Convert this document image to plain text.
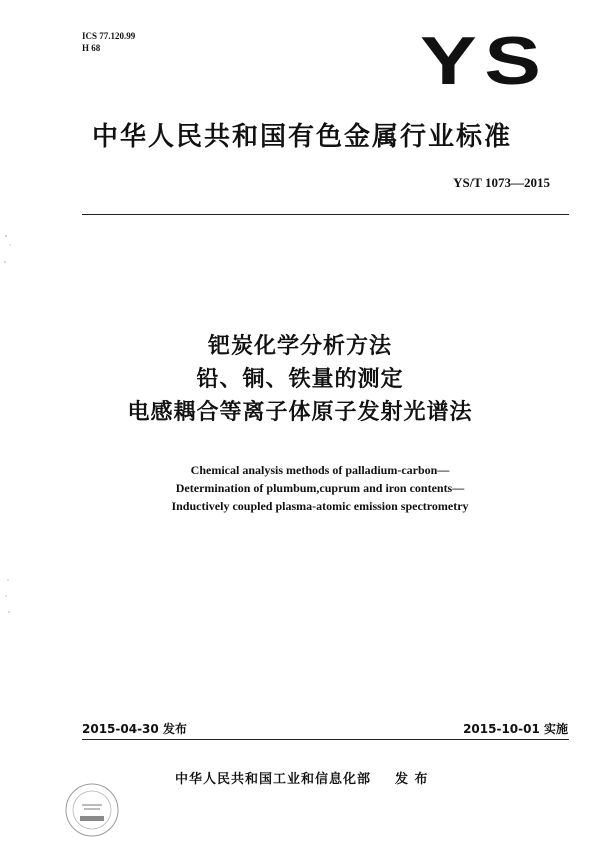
ICS 77.120.99
H 68	YS
中华人民共和国有色金属行业标准
YS/T 1073—2015
钯炭化学分析方法
铅、铜、铁量的测定
电感耦合等离子体原子发射光谱法
Chemical analysis methods of palladium-carbon—
Determination of plumbum,cuprum and iron contents—
Inductively coupled plasma-atomic emission spectrometry
2015-04-30 发布	2015-10-01 实施
中华人民共和国工业和信息化部 发 布
